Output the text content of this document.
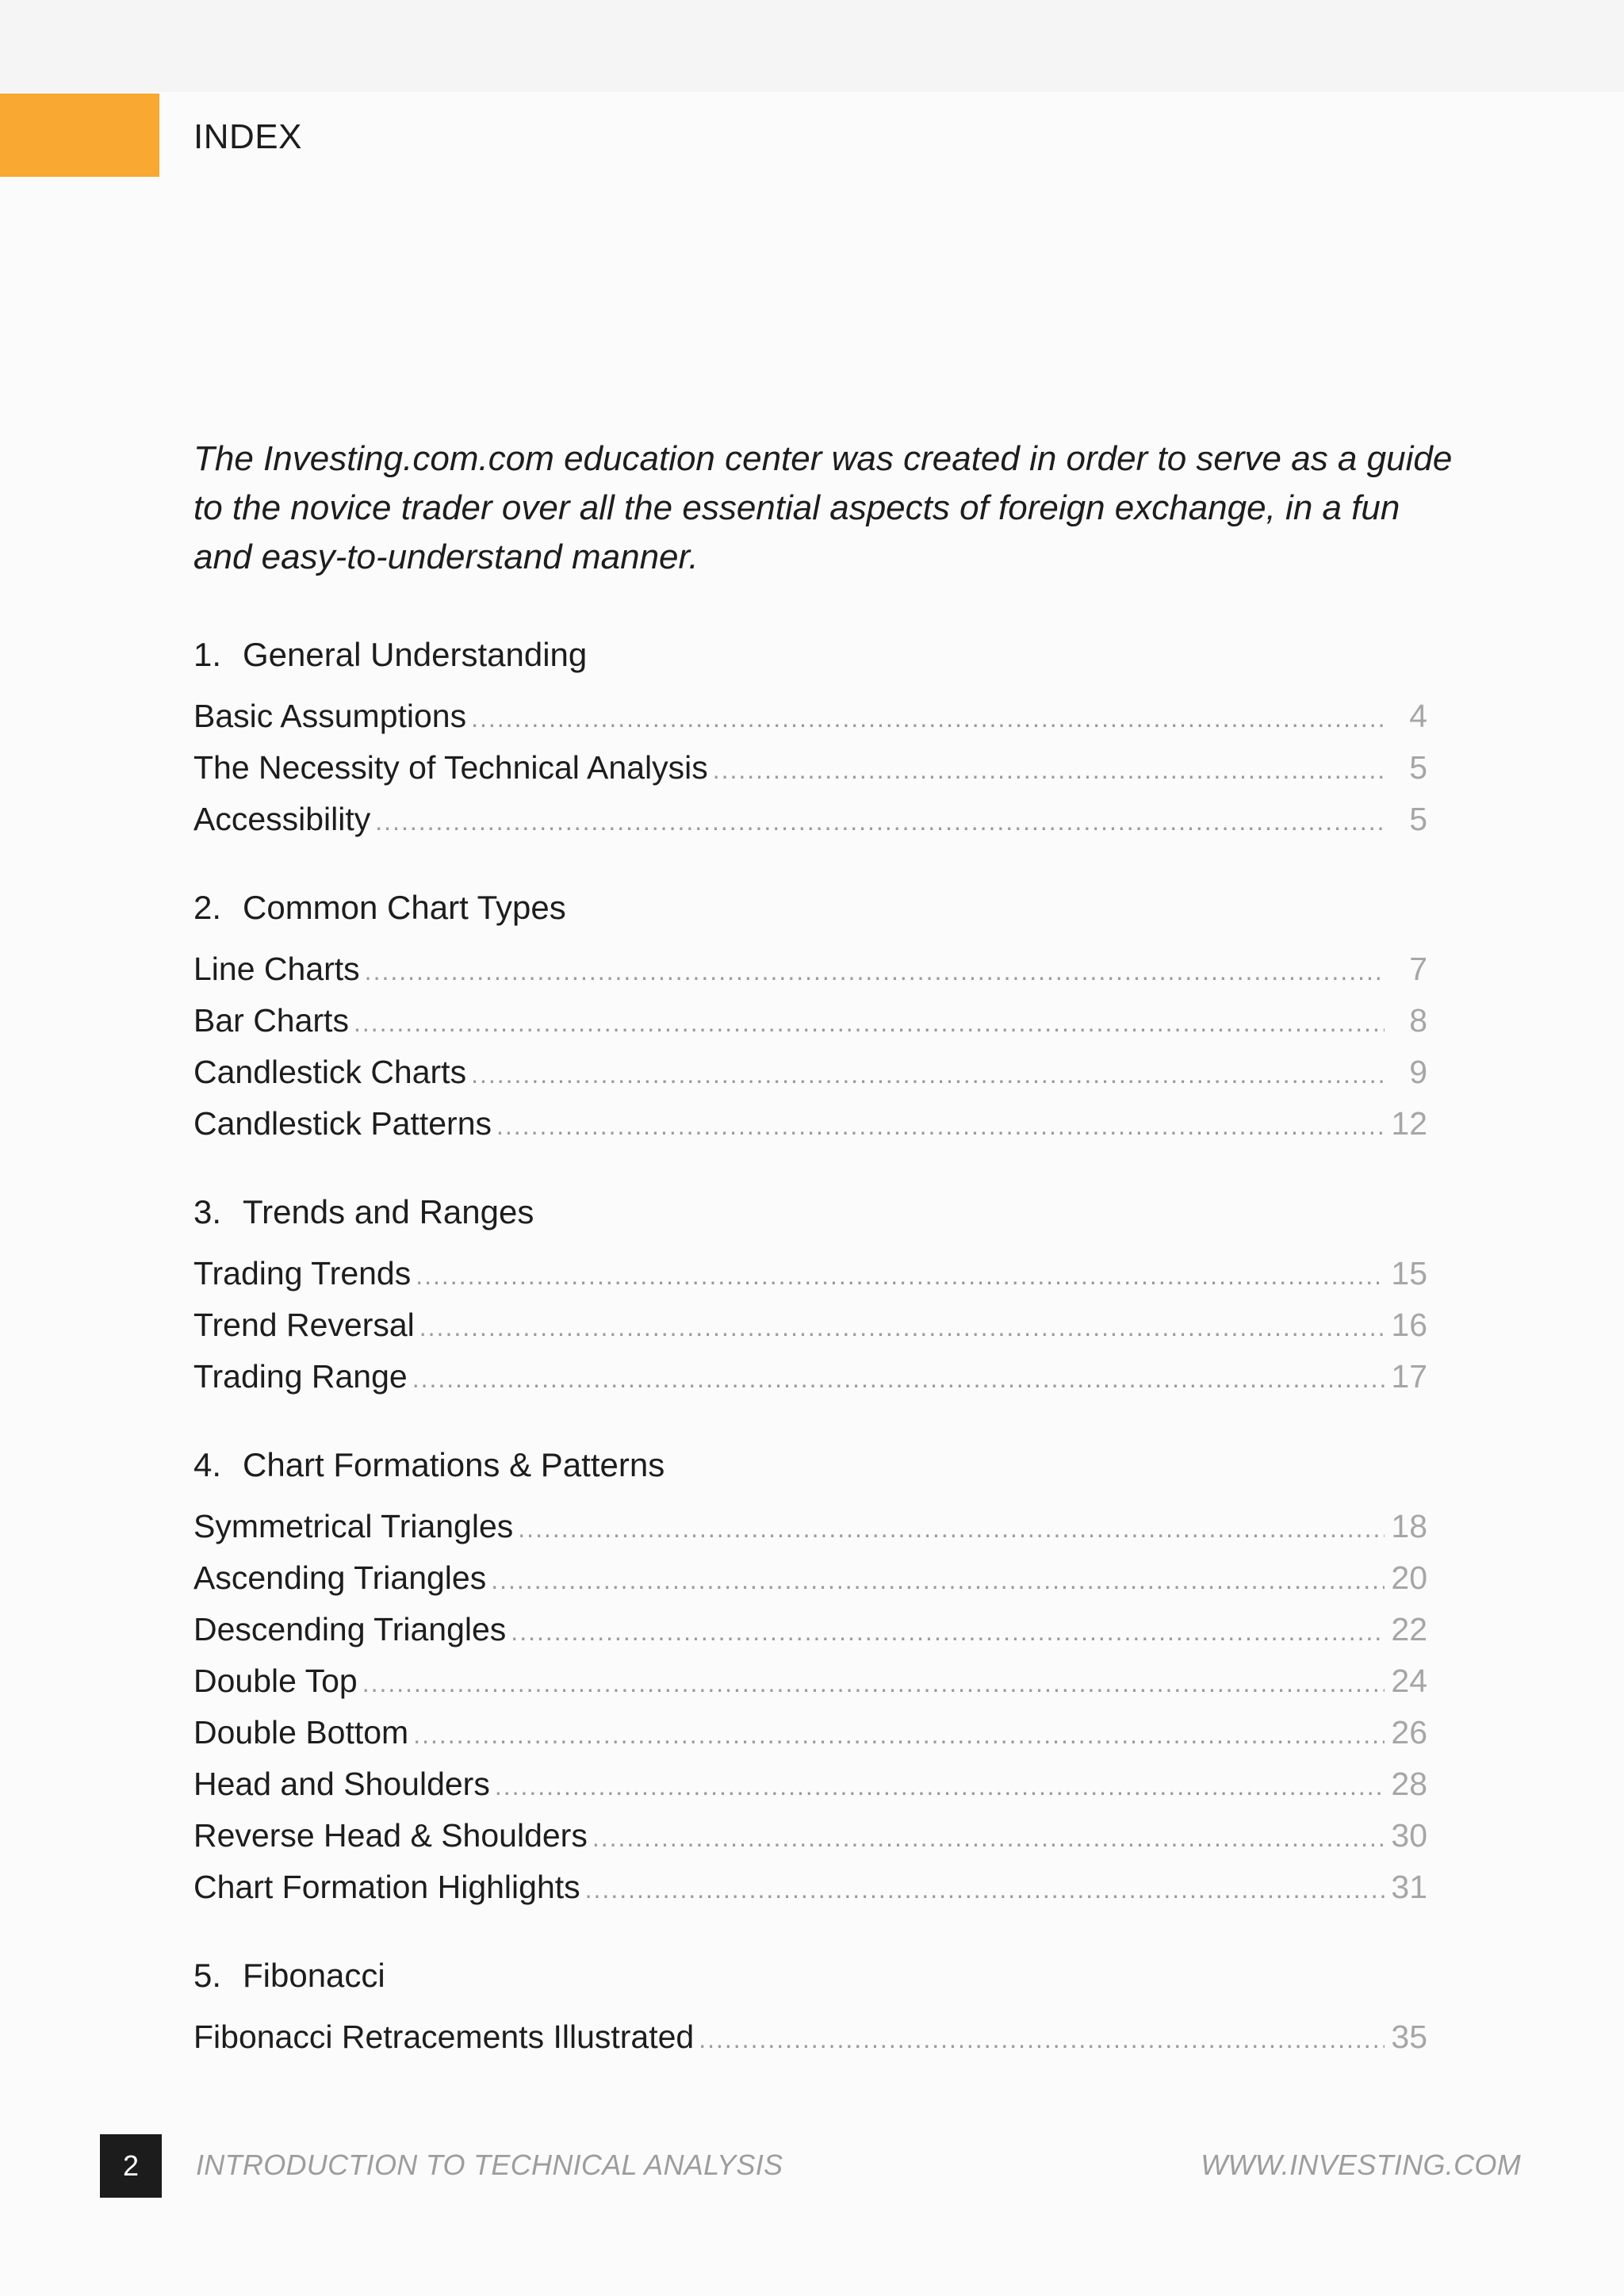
INDEX
The Investing.com.com education center was created in order to serve as a guide to the novice trader over all the essential aspects of foreign exchange, in a fun and easy-to-understand manner.
1. General Understanding
Basic Assumptions .....	4
The Necessity of Technical Analysis .....	5
Accessibility .....	5
2. Common Chart Types
Line Charts .....	7
Bar Charts .....	8
Candlestick Charts .....	9
Candlestick Patterns .....	12
3. Trends and Ranges
Trading Trends .....	15
Trend Reversal .....	16
Trading Range .....	17
4. Chart Formations & Patterns
Symmetrical Triangles .....	18
Ascending Triangles .....	20
Descending Triangles .....	22
Double Top .....	24
Double Bottom .....	26
Head and Shoulders .....	28
Reverse Head & Shoulders .....	30
Chart Formation Highlights .....	31
5. Fibonacci
Fibonacci Retracements Illustrated .....	35
2	INTRODUCTION TO TECHNICAL ANALYSIS	WWW.INVESTING.COM
